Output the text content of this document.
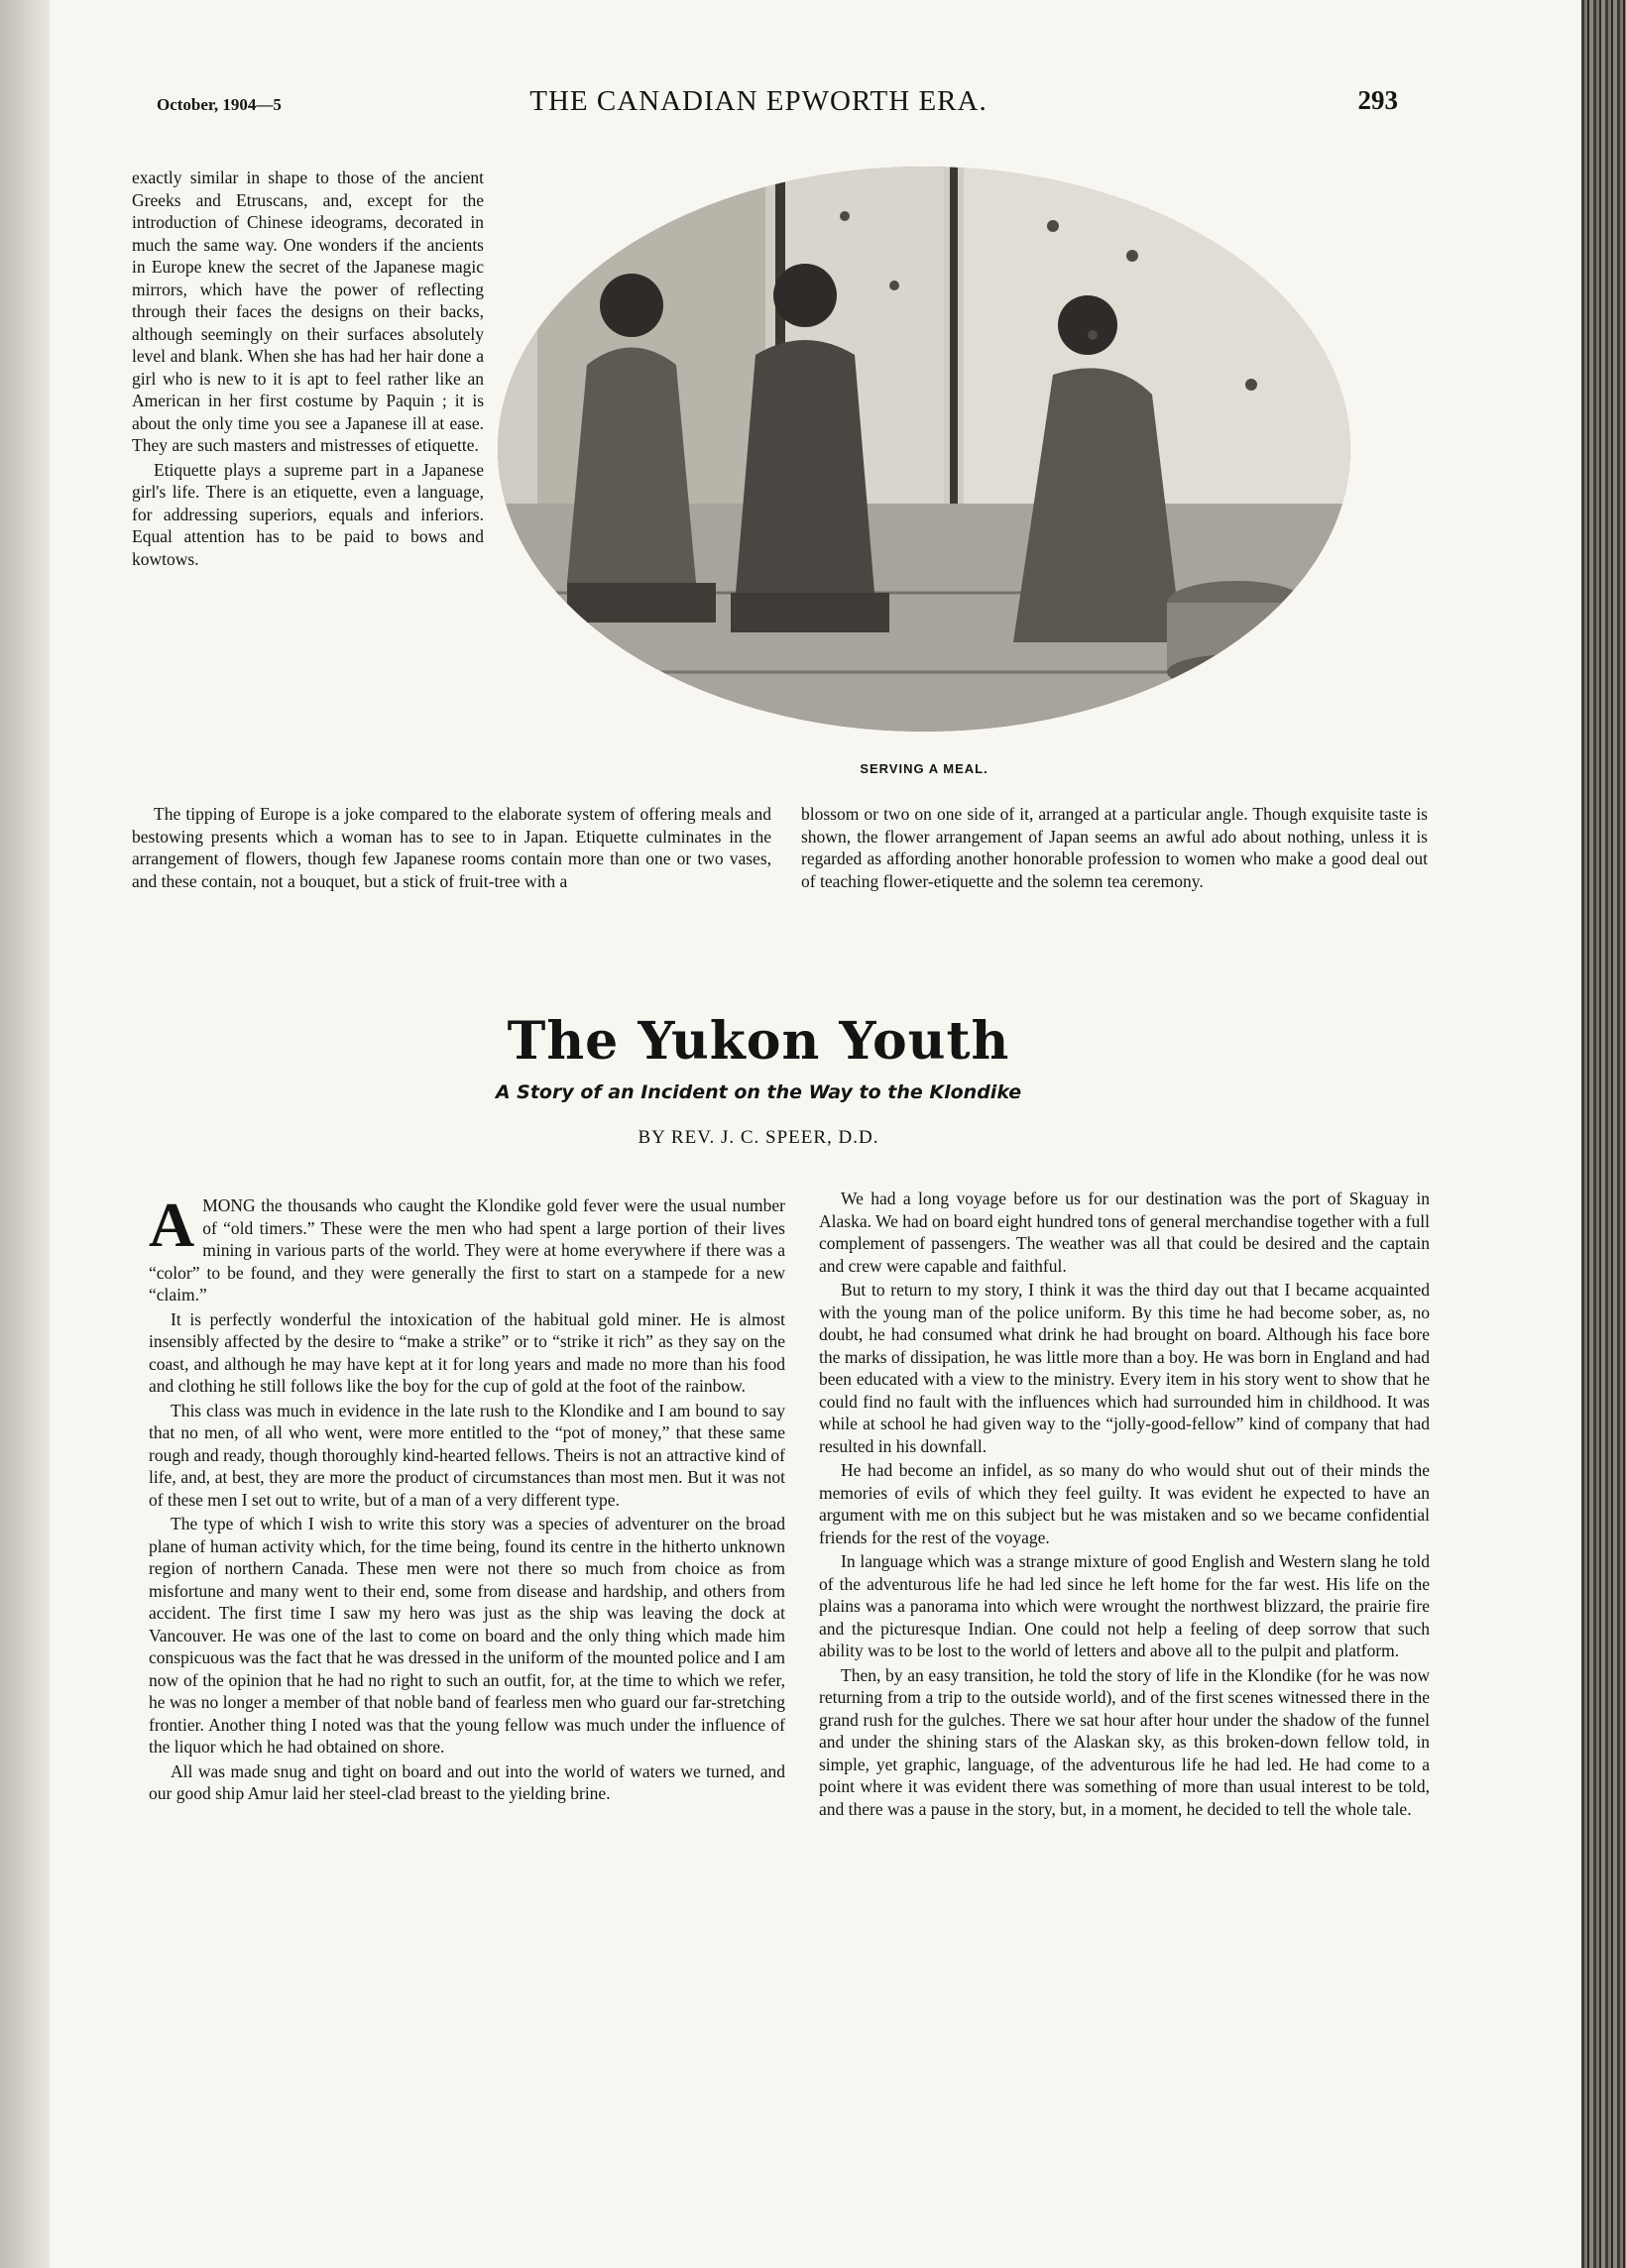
October, 1904—5	THE CANADIAN EPWORTH ERA.	293

exactly similar in shape to those of the ancient Greeks and Etruscans, and, except for the introduction of Chinese ideograms, decorated in much the same way. One wonders if the ancients in Europe knew the secret of the Japanese magic mirrors, which have the power of reflecting through their faces the designs on their backs, although seemingly on their surfaces absolutely level and blank. When she has had her hair done a girl who is new to it is apt to feel rather like an American in her first costume by Paquin ; it is about the only time you see a Japanese ill at ease. They are such masters and mistresses of etiquette.

Etiquette plays a supreme part in a Japanese girl's life. There is an etiquette, even a language, for addressing superiors, equals and inferiors. Equal attention has to be paid to bows and kowtows.

SERVING A MEAL.

The tipping of Europe is a joke compared to the elaborate system of offering meals and bestowing presents which a woman has to see to in Japan. Etiquette culminates in the arrangement of flowers, though few Japanese rooms contain more than one or two vases, and these contain, not a bouquet, but a stick of fruit-tree with a

blossom or two on one side of it, arranged at a particular angle. Though exquisite taste is shown, the flower arrangement of Japan seems an awful ado about nothing, unless it is regarded as affording another honorable profession to women who make a good deal out of teaching flower-etiquette and the solemn tea ceremony.

The Yukon Youth
A Story of an Incident on the Way to the Klondike
BY REV. J. C. SPEER, D.D.

AMONG the thousands who caught the Klondike gold fever were the usual number of “old timers.” These were the men who had spent a large portion of their lives mining in various parts of the world. They were at home everywhere if there was a “color” to be found, and they were generally the first to start on a stampede for a new “claim.”

It is perfectly wonderful the intoxication of the habitual gold miner. He is almost insensibly affected by the desire to “make a strike” or to “strike it rich” as they say on the coast, and although he may have kept at it for long years and made no more than his food and clothing he still follows like the boy for the cup of gold at the foot of the rainbow.

This class was much in evidence in the late rush to the Klondike and I am bound to say that no men, of all who went, were more entitled to the “pot of money,” that these same rough and ready, though thoroughly kind-hearted fellows. Theirs is not an attractive kind of life, and, at best, they are more the product of circumstances than most men. But it was not of these men I set out to write, but of a man of a very different type.

The type of which I wish to write this story was a species of adventurer on the broad plane of human activity which, for the time being, found its centre in the hitherto unknown region of northern Canada. These men were not there so much from choice as from misfortune and many went to their end, some from disease and hardship, and others from accident. The first time I saw my hero was just as the ship was leaving the dock at Vancouver. He was one of the last to come on board and the only thing which made him conspicuous was the fact that he was dressed in the uniform of the mounted police and I am now of the opinion that he had no right to such an outfit, for, at the time to which we refer, he was no longer a member of that noble band of fearless men who guard our far-stretching frontier. Another thing I noted was that the young fellow was much under the influence of the liquor which he had obtained on shore.

All was made snug and tight on board and out into the world of waters we turned, and our good ship Amur laid her steel-clad breast to the yielding brine.

We had a long voyage before us for our destination was the port of Skaguay in Alaska. We had on board eight hundred tons of general merchandise together with a full complement of passengers. The weather was all that could be desired and the captain and crew were capable and faithful.

But to return to my story, I think it was the third day out that I became acquainted with the young man of the police uniform. By this time he had become sober, as, no doubt, he had consumed what drink he had brought on board. Although his face bore the marks of dissipation, he was little more than a boy. He was born in England and had been educated with a view to the ministry. Every item in his story went to show that he could find no fault with the influences which had surrounded him in childhood. It was while at school he had given way to the “jolly-good-fellow” kind of company that had resulted in his downfall.

He had become an infidel, as so many do who would shut out of their minds the memories of evils of which they feel guilty. It was evident he expected to have an argument with me on this subject but he was mistaken and so we became confidential friends for the rest of the voyage.

In language which was a strange mixture of good English and Western slang he told of the adventurous life he had led since he left home for the far west. His life on the plains was a panorama into which were wrought the northwest blizzard, the prairie fire and the picturesque Indian. One could not help a feeling of deep sorrow that such ability was to be lost to the world of letters and above all to the pulpit and platform.

Then, by an easy transition, he told the story of life in the Klondike (for he was now returning from a trip to the outside world), and of the first scenes witnessed there in the grand rush for the gulches. There we sat hour after hour under the shadow of the funnel and under the shining stars of the Alaskan sky, as this broken-down fellow told, in simple, yet graphic, language, of the adventurous life he had led. He had come to a point where it was evident there was something of more than usual interest to be told, and there was a pause in the story, but, in a moment, he decided to tell the whole tale.
